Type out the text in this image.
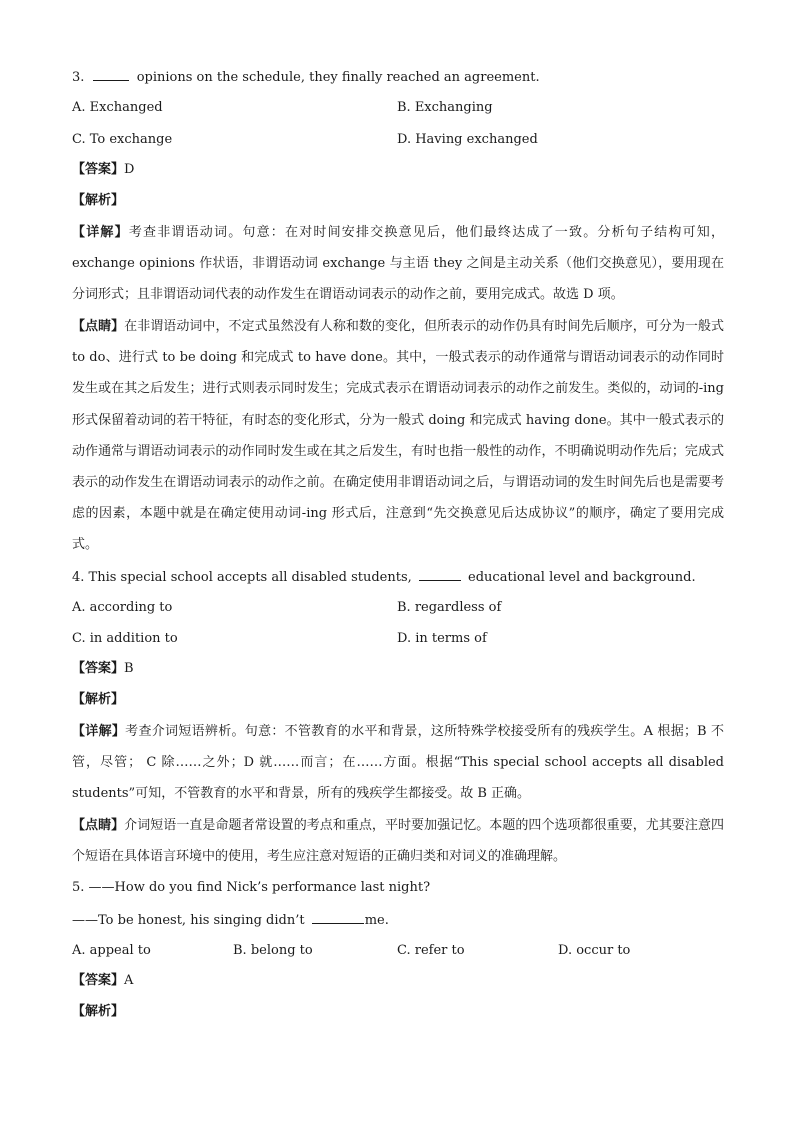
3.	opinions on the schedule, they finally reached an agreement.
A. Exchanged	B. Exchanging
C. To exchange	D. Having exchanged
【答案】D
【解析】
【详解】考查非谓语动词。句意：在对时间安排交换意见后，他们最终达成了一致。分析句子结构可知，exchange opinions 作状语，非谓语动词 exchange 与主语 they 之间是主动关系（他们交换意见），要用现在分词形式；且非谓语动词代表的动作发生在谓语动词表示的动作之前，要用完成式。故选 D 项。
【点睛】在非谓语动词中，不定式虽然没有人称和数的变化，但所表示的动作仍具有时间先后顺序，可分为一般式 to do、进行式 to be doing 和完成式 to have done。其中，一般式表示的动作通常与谓语动词表示的动作同时发生或在其之后发生；进行式则表示同时发生；完成式表示在谓语动词表示的动作之前发生。类似的，动词的-ing 形式保留着动词的若干特征，有时态的变化形式，分为一般式 doing 和完成式 having done。其中一般式表示的动作通常与谓语动词表示的动作同时发生或在其之后发生，有时也指一般性的动作，不明确说明动作先后；完成式表示的动作发生在谓语动词表示的动作之前。在确定使用非谓语动词之后，与谓语动词的发生时间先后也是需要考虑的因素，本题中就是在确定使用动词-ing 形式后，注意到“先交换意见后达成协议”的顺序，确定了要用完成式。
4. This special school accepts all disabled students,	educational level and background.
A. according to	B. regardless of
C. in addition to	D. in terms of
【答案】B
【解析】
【详解】考查介词短语辨析。句意：不管教育的水平和背景，这所特殊学校接受所有的残疾学生。A 根据；B 不管，尽管； C 除……之外；D 就……而言；在……方面。根据“This special school accepts all disabled students”可知，不管教育的水平和背景，所有的残疾学生都接受。故 B 正确。
【点睛】介词短语一直是命题者常设置的考点和重点，平时要加强记忆。本题的四个选项都很重要，尤其要注意四个短语在具体语言环境中的使用，考生应注意对短语的正确归类和对词义的准确理解。
5. ——How do you find Nick’s performance last night?
——To be honest, his singing didn’t	me.
A. appeal to	B. belong to	C. refer to	D. occur to
【答案】A
【解析】
